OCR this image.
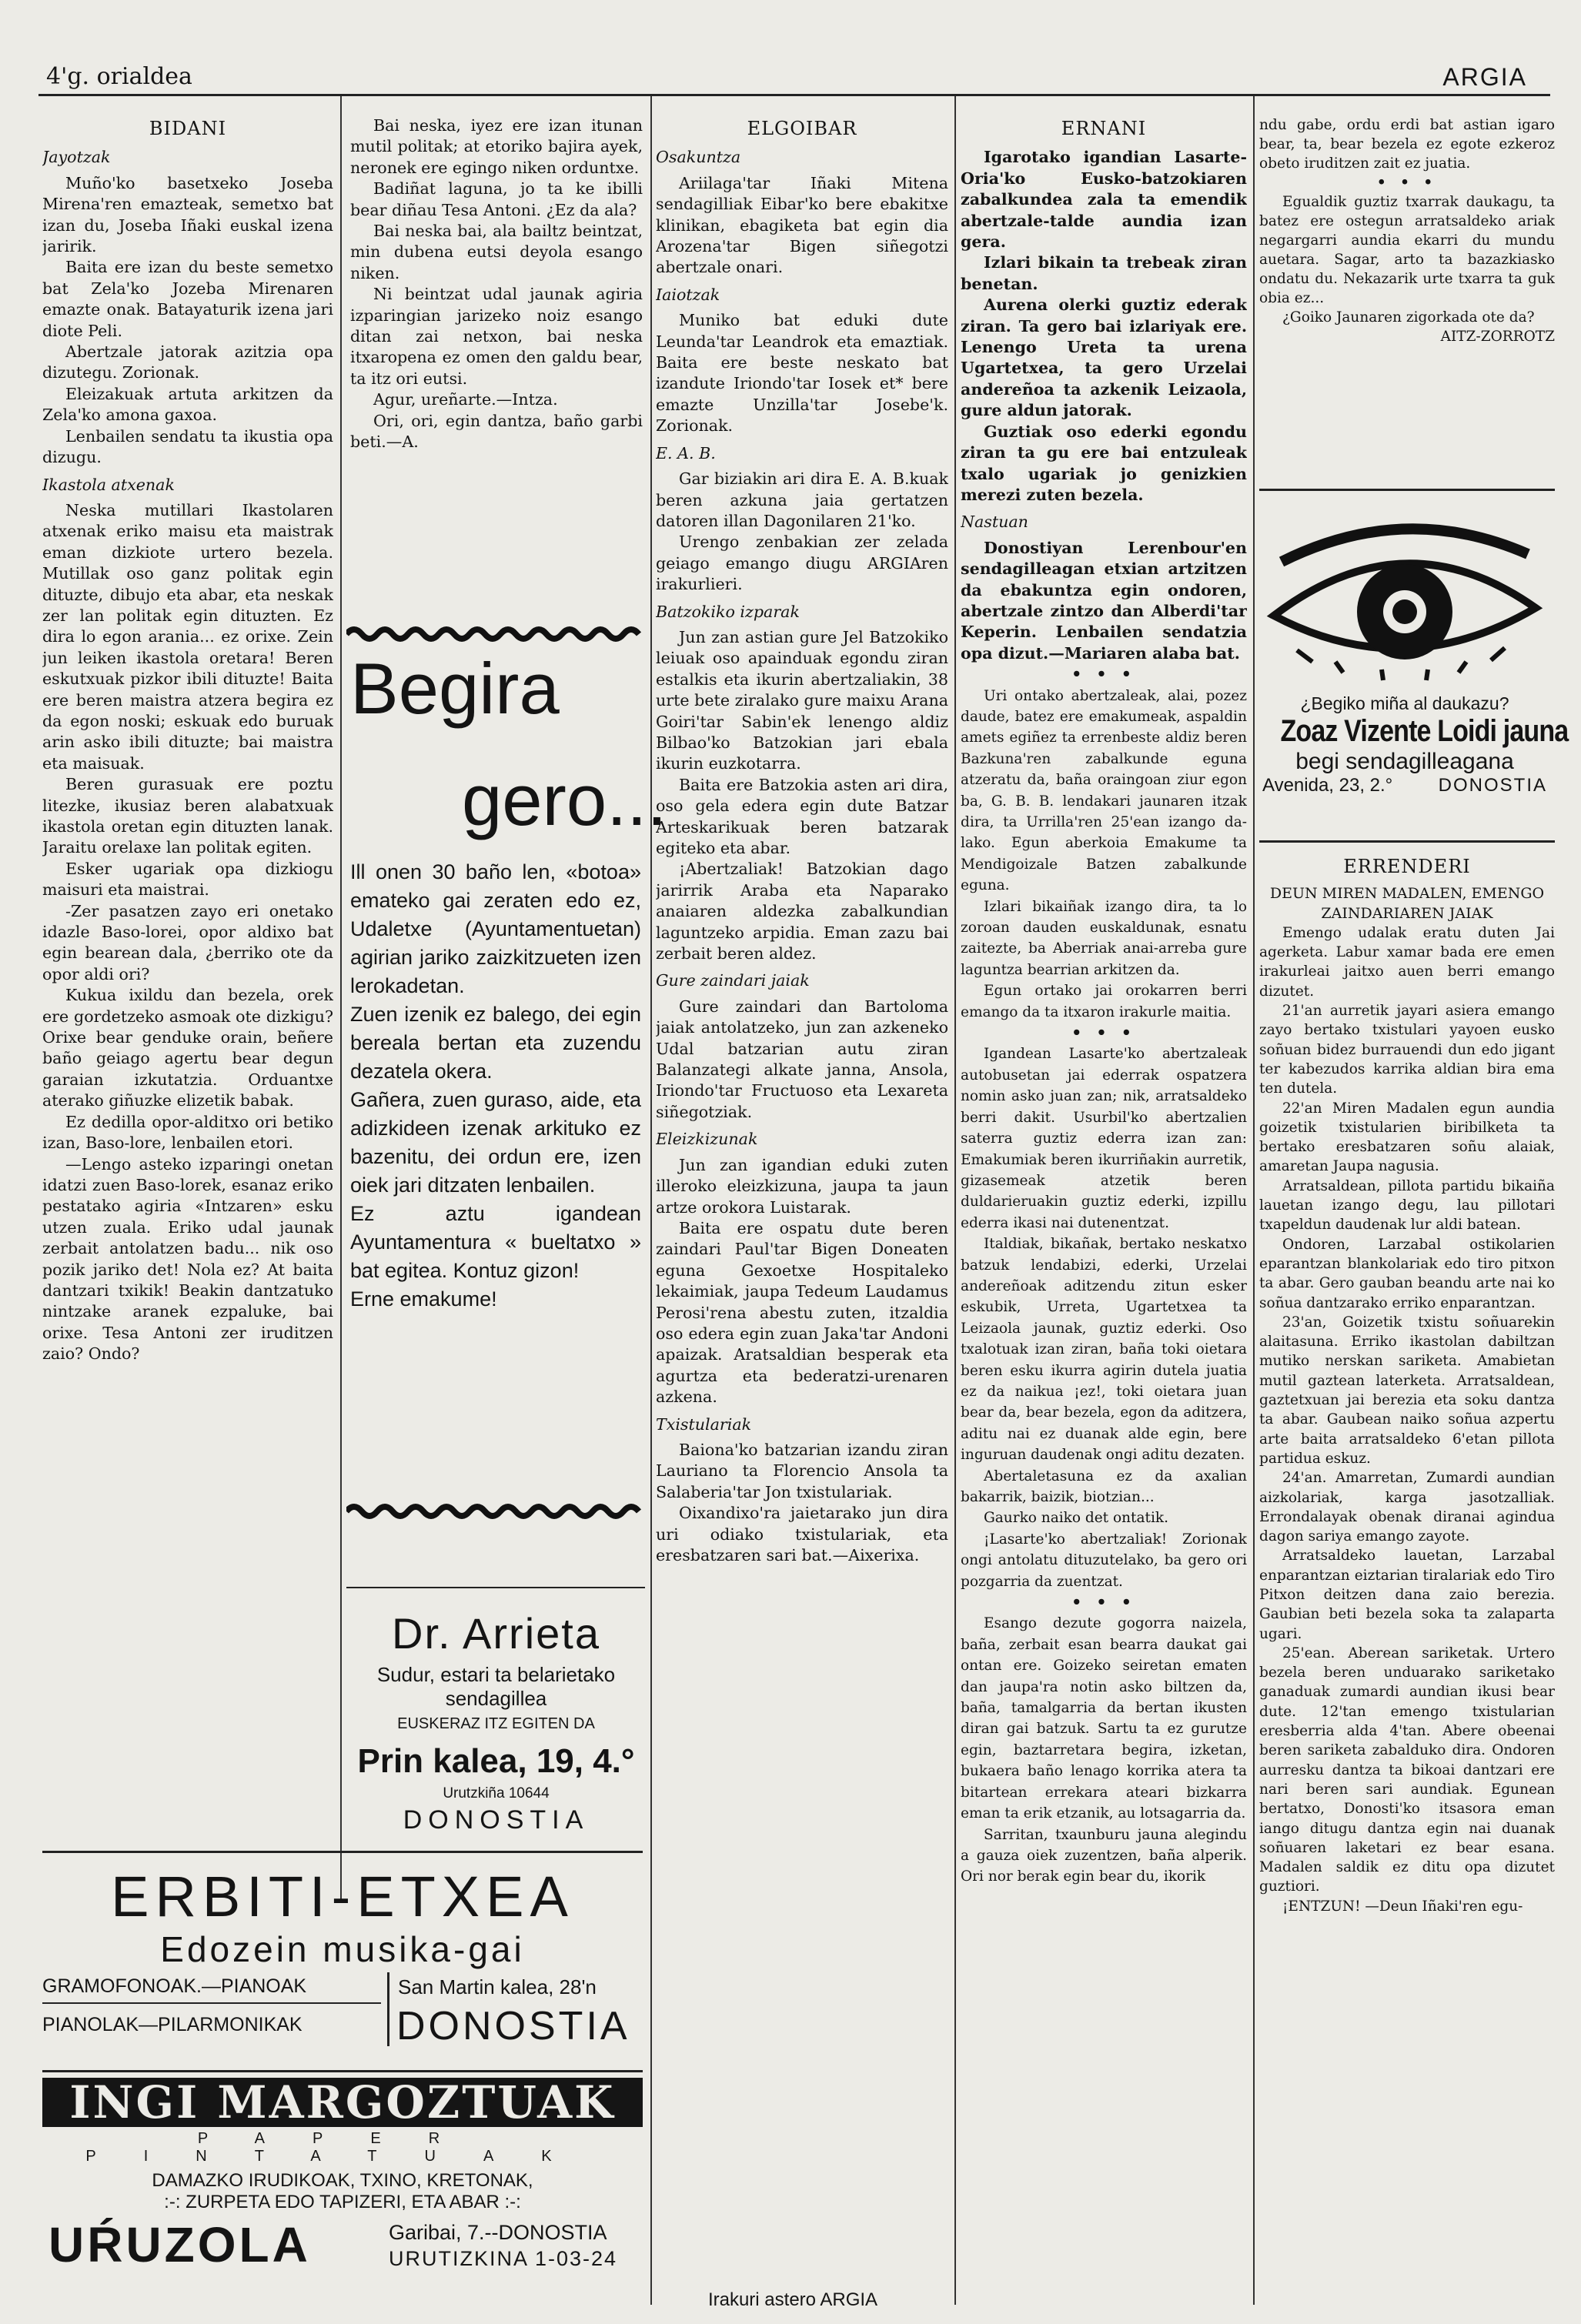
4'g. orialdea	ARGIA

BIDANI

Jayotzak

Muño'ko basetxeko Joseba Mirena'ren emazteak, semetxo bat izan du, Joseba Iñaki euskal izena jaririk.

Baita ere izan du beste semetxo bat Zela'ko Jozeba Mirenaren emazte onak. Batayaturik izena jari diote Peli.

Abertzale jatorak azitzia opa dizutegu. Zorionak.

Eleizakuak artuta arkitzen da Zela'ko amona gaxoa.

Lenbailen sendatu ta ikustia opa dizugu.

Ikastola atxenak

Neska mutillari Ikastolaren atxenak eriko maisu eta maistrak eman dizkiote urtero bezela. Mutillak oso ganz politak egin dituzte, dibujo eta abar, eta neskak zer lan politak egin dituzten. Ez dira lo egon arania... ez orixe. Zein jun leiken ikastola oretara! Beren eskutxuak pizkor ibili dituzte! Baita ere beren maistra atzera begira ez da egon noski; eskuak edo buruak arin asko ibili dituzte; bai maistra eta maisuak.

Beren gurasuak ere poztu litezke, ikusiaz beren alabatxuak ikastola oretan egin dituzten lanak. Jaraitu orelaxe lan politak egiten.

Esker ugariak opa dizkiogu maisuri eta maistrai.

-Zer pasatzen zayo eri onetako idazle Baso-lorei, opor aldixo bat egin bearean dala, ¿berriko ote da opor aldi ori?

Kukua ixildu dan bezela, orek ere gordetzeko asmoak ote dizkigu? Orixe bear genduke orain, beñere baño geiago agertu bear degun garaian izkutatzia. Orduantxe aterako giñuzke elizetik babak.

Ez dedilla opor-alditxo ori betiko izan, Baso-lore, lenbailen etori.

—Lengo asteko izparingi onetan idatzi zuen Baso-lorek, esanaz eriko pestatako agiria «Intzaren» esku utzen zuala. Eriko udal jaunak zerbait antolatzen badu... nik oso pozik jariko det! Nola ez? At baita dantzari txikik! Beakin dantzatuko nintzake aranek ezpaluke, bai orixe. Tesa Antoni zer iruditzen zaio? Ondo?

Bai neska, iyez ere izan itunan mutil politak; at etoriko bajira ayek, neronek ere egingo niken orduntxe.

Badiñat laguna, jo ta ke ibilli bear diñau Tesa Antoni. ¿Ez da ala?

Bai neska bai, ala bailtz beintzat, min dubena eutsi deyola esango niken.

Ni beintzat udal jaunak agiria izparingian jarizeko noiz esango ditan zai netxon, bai neska itxaropena ez omen den galdu bear, ta itz ori eutsi.

Agur, ureñarte.—Intza.

Ori, ori, egin dantza, baño garbi beti.—A.

Begira
gero...

Ill onen 30 baño len, «botoa» emateko gai zeraten edo ez, Udaletxe (Ayuntamentuetan) agirian jariko zaizkitzueten izen lerokadetan.

Zuen izenik ez balego, dei egin bereala bertan eta zuzendu dezatela okera.

Gañera, zuen guraso, aide, eta adizkideen izenak arkituko ez bazenitu, dei ordun ere, izen oiek jari ditzaten lenbailen.

Ez aztu igandean Ayuntamentura « bueltatxo » bat egitea. Kontuz gizon!

Erne emakume!

Dr. Arrieta
Sudur, estari ta belarietako
sendagillea
EUSKERAZ ITZ EGITEN DA
Prin kalea, 19, 4.°
Urutzkiña 10644
DONOSTIA
ERBITI-ETXEA
Edozein musika-gai
GRAMOFONOAK.—PIANOAK
PIANOLAK—PILARMONIKAK
San Martin kalea, 28'n
DONOSTIA
INGI MARGOZTUAK
PAPER PINTATUAK
DAMAZKO IRUDIKOAK, TXINO, KRETONAK,
:-: ZURPETA EDO TAPIZERI, ETA ABAR :-:
UŔUZOLA	Garibai, 7.--DONOSTIA
URUTIZKINA 1-03-24

ELGOIBAR

Osakuntza

Ariilaga'tar Iñaki Mitena sendagilliak Eibar'ko bere ebakitxe klinikan, ebagiketa bat egin dia Arozena'tar Bigen siñegotzi abertzale onari.

Iaiotzak

Muniko bat eduki dute Leunda'tar Leandrok eta emaztiak. Baita ere beste neskato bat izandute Iriondo'tar Iosek et* bere emazte Unzilla'tar Josebe'k. Zorionak.

E. A. B.

Gar biziakin ari dira E. A. B.kuak beren azkuna jaia gertatzen datoren illan Dagonilaren 21'ko.

Urengo zenbakian zer zelada geiago emango diugu ARGIAren irakurlieri.

Batzokiko izparak

Jun zan astian gure Jel Batzokiko leiuak oso apainduak egondu ziran estalkis eta ikurin abertzaliakin, 38 urte bete ziralako gure maixu Arana Goiri'tar Sabin'ek lenengo aldiz Bilbao'ko Batzokian jari ebala ikurin euzkotarra.

Baita ere Batzokia asten ari dira, oso gela edera egin dute Batzar Arteskarikuak beren batzarak egiteko eta abar.

¡Abertzaliak! Batzokian dago jarirrik Araba eta Naparako anaiaren aldezka zabalkundian laguntzeko arpidia. Eman zazu bai zerbait beren aldez.

Gure zaindari jaiak

Gure zaindari dan Bartoloma jaiak antolatzeko, jun zan azkeneko Udal batzarian autu ziran Balanzategi alkate janna, Ansola, Iriondo'tar Fructuoso eta Lexareta siñegotziak.

Eleizkizunak

Jun zan igandian eduki zuten illeroko eleizkizuna, jaupa ta jaun artze orokora Luistarak.

Baita ere ospatu dute beren zaindari Paul'tar Bigen Doneaten eguna Gexoetxe Hospitaleko lekaimiak, jaupa Tedeum Laudamus Perosi'rena abestu zuten, itzaldia oso edera egin zuan Jaka'tar Andoni apaizak. Aratsaldian besperak eta agurtza eta bederatzi-urenaren azkena.

Txistulariak

Baiona'ko batzarian izandu ziran Lauriano ta Florencio Ansola ta Salaberia'tar Jon txistulariak.

Oixandixo'ra jaietarako jun dira uri odiako txistulariak, eta eresbatzaren sari bat.—Aixerixa.

Irakuri astero ARGIA

ERNANI

Igarotako igandian Lasarte-Oria'ko Eusko-batzokiaren zabalkundea zala ta emendik abertzale-talde aundia izan gera.

Izlari bikain ta trebeak ziran benetan.

Aurena olerki guztiz ederak ziran. Ta gero bai izlariyak ere. Lenengo Ureta ta urena Ugartetxea, ta gero Urzelai andereñoa ta azkenik Leizaola, gure aldun jatorak.

Guztiak oso ederki egondu ziran ta gu ere bai entzuleak txalo ugariak jo genizkien merezi zuten bezela.

Nastuan

Donostiyan Lerenbour'en sendagilleagan etxian artzitzen da ebakuntza egin ondoren, abertzale zintzo dan Alberdi'tar Keperin. Lenbailen sendatzia opa dizut.—Mariaren alaba bat.

• • •

Uri ontako abertzaleak, alai, pozez daude, batez ere emakumeak, aspaldin amets egiñez ta errenbeste aldiz beren Bazkuna'ren zabalkunde eguna atzeratu da, baña oraingoan ziur egon ba, G. B. B. lendakari jaunaren itzak dira, ta Urrilla'ren 25'ean izango da-lako. Egun aberkoia Emakume ta Mendigoizale Batzen zabalkunde eguna.

Izlari bikaiñak izango dira, ta lo zoroan dauden euskaldunak, esnatu zaitezte, ba Aberriak anai-arreba gure laguntza bearrian arkitzen da.

Egun ortako jai orokarren berri emango da ta itxaron irakurle maitia.

• • •

Igandean Lasarte'ko abertzaleak autobusetan jai ederrak ospatzera nomin asko juan zan; nik, arratsaldeko berri dakit. Usurbil'ko abertzalien saterra guztiz ederra izan zan: Emakumiak beren ikurriñakin aurretik, gizasemeak atzetik beren duldarieruakin guztiz ederki, izpillu ederra ikasi nai dutenentzat.

Italdiak, bikañak, bertako neskatxo batzuk lendabizi, ederki, Urzelai andereñoak aditzendu zitun esker eskubik, Urreta, Ugartetxea ta Leizaola jaunak, guztiz ederki. Oso txalotuak izan ziran, baña toki oietara beren esku ikurra agirin dutela juatia ez da naikua ¡ez!, toki oietara juan bear da, bear bezela, egon da aditzera, aditu nai ez duanak alde egin, bere inguruan daudenak ongi aditu dezaten.

Abertaletasuna ez da axalian bakarrik, baizik, biotzian...

Gaurko naiko det ontatik.

¡Lasarte'ko abertzaliak! Zorionak ongi antolatu dituzutelako, ba gero ori pozgarria da zuentzat.

• • •

Esango dezute gogorra naizela, baña, zerbait esan bearra daukat gai ontan ere. Goizeko seiretan ematen dan jaupa'ra notin asko biltzen da, baña, tamalgarria da bertan ikusten diran gai batzuk. Sartu ta ez gurutze egin, baztarretara begira, izketan, bukaera baño lenago korrika atera ta bitartean errekara ateari bizkarra eman ta erik etzanik, au lotsagarria da.

Sarritan, txaunburu jauna alegindu a gauza oiek zuzentzen, baña alperik. Ori nor berak egin bear du, ikorik

ndu gabe, ordu erdi bat astian igaro bear, ta, bear bezela ez egote ezkeroz obeto iruditzen zait ez juatia.

• • •

Egualdik guztiz txarrak daukagu, ta batez ere ostegun arratsaldeko ariak negargarri aundia ekarri du mundu auetara. Sagar, arto ta bazazkiasko ondatu du. Nekazarik urte txarra ta guk obia ez...

¿Goiko Jaunaren zigorkada ote da?

AITZ-ZORROTZ

¿Begiko miña al daukazu?
Zoaz Vizente Loidi jauna
begi sendagilleagana
Avenida, 23, 2.° DONOSTIA

ERRENDERI

DEUN MIREN MADALEN, EMENGO ZAINDARIAREN JAIAK

Emengo udalak eratu duten Jai agerketa. Labur xamar bada ere emen irakurleai jaitxo auen berri emango dizutet.

21'an aurretik jayari asiera emango zayo bertako txistulari yayoen eusko soñuan bidez burrauendi dun edo jigant ter kabezudos karrika aldian bira ema ten dutela.

22'an Miren Madalen egun aundia goizetik txistularien biribilketa ta bertako eresbatzaren soñu alaiak, amaretan Jaupa nagusia.

Arratsaldean, pillota partidu bikaiña lauetan izango degu, lau pillotari txapeldun daudenak lur aldi batean.

Ondoren, Larzabal ostikolarien eparantzan blankolariak edo tiro pitxon ta abar. Gero gauban beandu arte nai ko soñua dantzarako erriko enparantzan.

23'an, Goizetik txistu soñuarekin alaitasuna. Erriko ikastolan dabiltzan mutiko nerskan sariketa. Amabietan mutil gaztean laterketa. Arratsaldean, gaztetxuan jai berezia eta soku dantza ta abar. Gaubean naiko soñua azpertu arte baita arratsaldeko 6'etan pillota partidua eskuz.

24'an. Amarretan, Zumardi aundian aizkolariak, karga jasotzalliak. Errondalayak obenak diranai agindua dagon sariya emango zayote.

Arratsaldeko lauetan, Larzabal enparantzan eiztarian tiralariak edo Tiro Pitxon deitzen dana zaio berezia. Gaubian beti bezela soka ta zalaparta ugari.

25'ean. Aberean sariketak. Urtero bezela beren unduarako sariketako ganaduak zumardi aundian ikusi bear dute. 12'tan emengo txistularian eresberria alda 4'tan. Abere obeenai beren sariketa zabalduko dira. Ondoren aurresku dantza ta bikoai dantzari ere nari beren sari aundiak. Egunean bertatxo, Donosti'ko itsasora eman iango ditugu dantza egin nai duanak soñuaren laketari ez bear esana. Madalen saldik ez ditu opa dizutet guztiori.

¡ENTZUN! —Deun Iñaki'ren egu-
